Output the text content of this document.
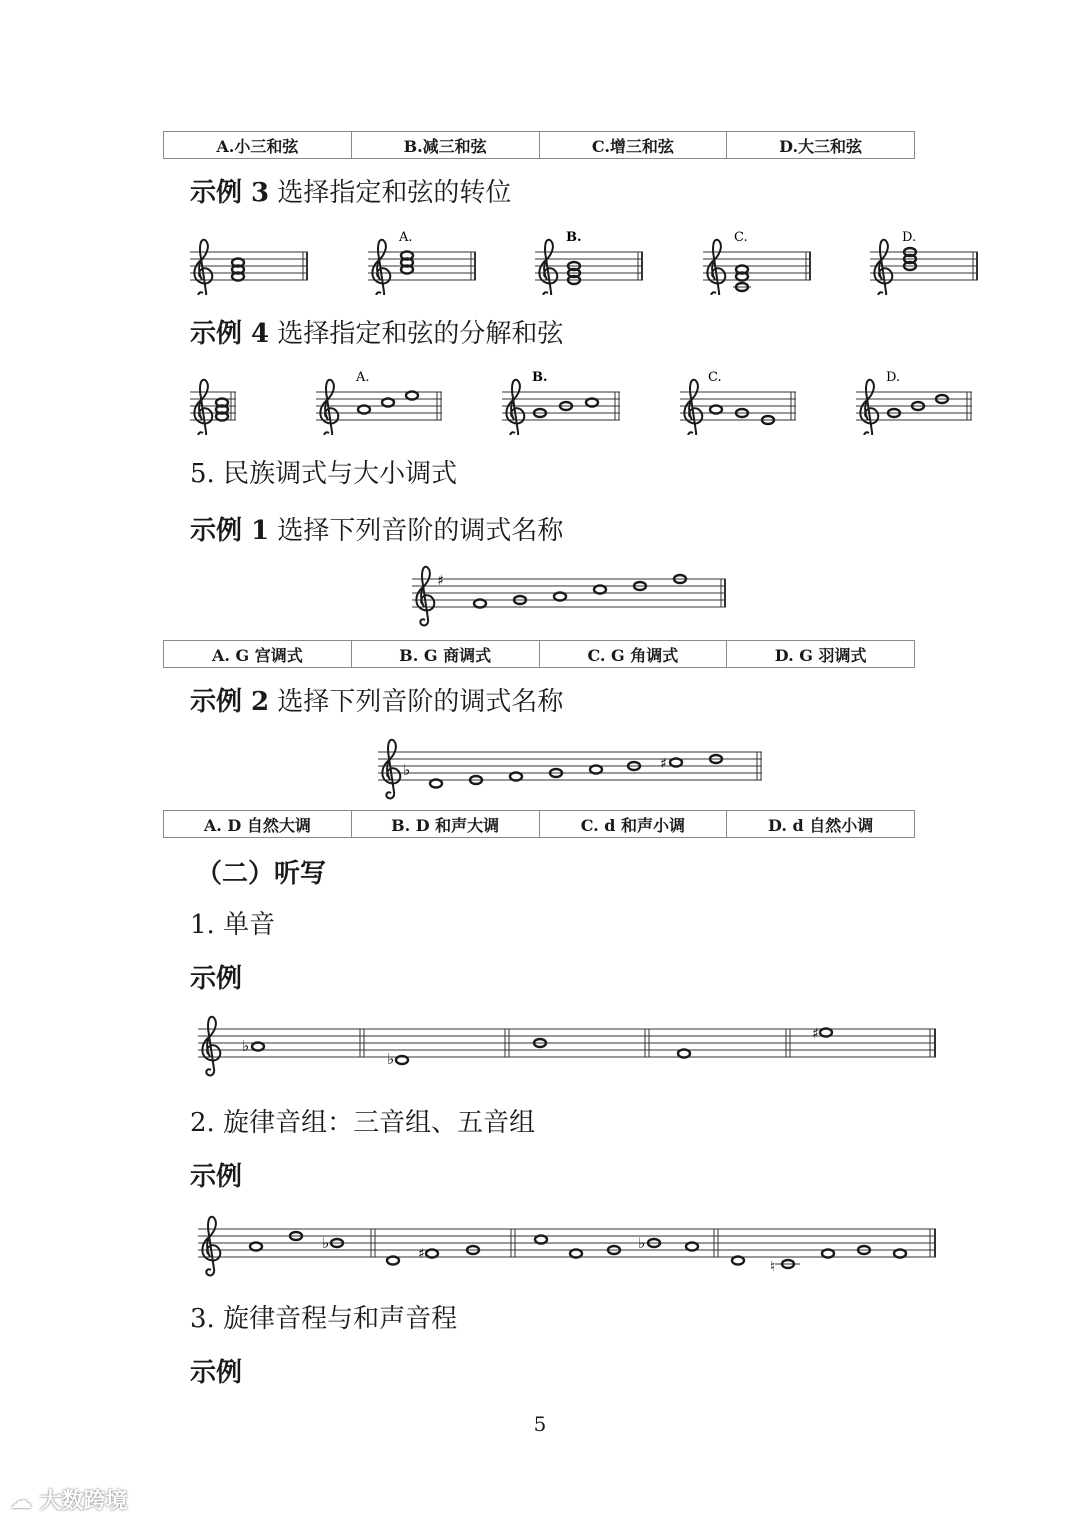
A.小三和弦	B.减三和弦	C.增三和弦	D.大三和弦
示例 3 选择指定和弦的转位
A.	B.	C.	D.
示例 4 选择指定和弦的分解和弦
A.	B.	C.	D.
5. 民族调式与大小调式
示例 1 选择下列音阶的调式名称
♯
A. G 宫调式	B. G 商调式	C. G 角调式	D. G 羽调式
示例 2 选择下列音阶的调式名称
♭	♯
A. D 自然大调	B. D 和声大调	C. d 和声小调	D. d 自然小调
（二）听写
1. 单音
示例
♭
♭
♯
2. 旋律音组：三音组、五音组
示例
♭
♯
♭
♮
3. 旋律音程与和声音程
示例
5
☁ 大数跨境
